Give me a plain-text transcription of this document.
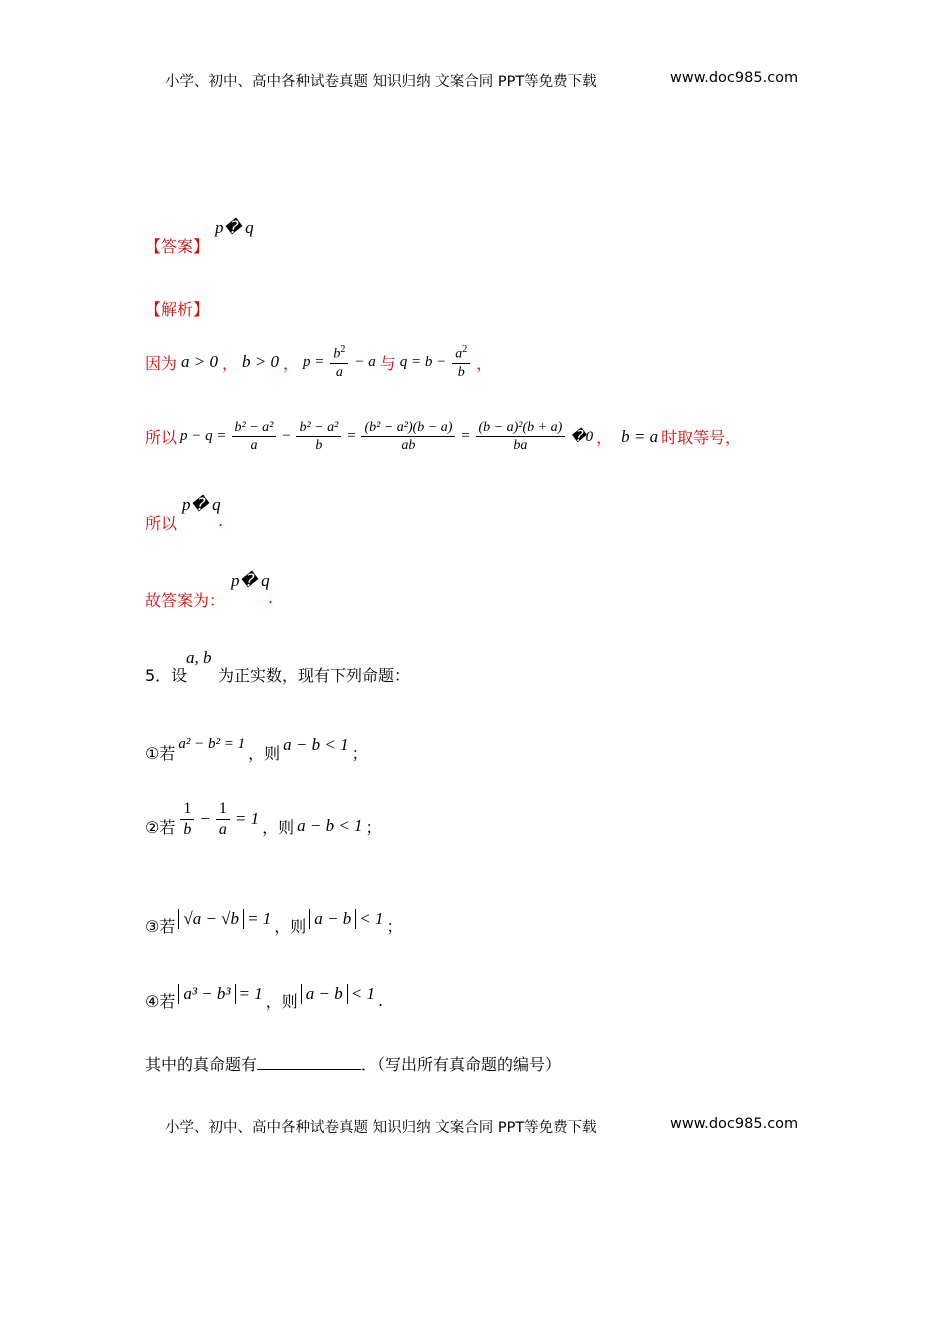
小学、初中、高中各种试卷真题 知识归纳 文案合同 PPT等免费下载	www.doc985.com
【答案】
p� q
【解析】
因为 a > 0 ， b > 0 ， $p = \frac{b^2}{a} - a$ 与 $q = b - \frac{a^2}{b}$ ，
所以 $p - q = \frac{\text{b² − a²}}{a} - \frac{\text{b² − a²}}{b} = \frac{\text{(b² − a²)(b − a)}}{ab} = \frac{\text{(b − a)²(b + a)}}{ba}$ �0 ， b = a 时取等号，
所以
p� q
.
故答案为：
p� q
.
5．设
a, b
为正实数，现有下列命题：
①若 a² − b² = 1 ，则 a − b < 1 ；
②若 $\frac{1}{b} - \frac{1}{a} = 1$ ，则 a − b < 1 ；
③若 √a − √b = 1 ，则 a − b < 1 ；
④若 a³ − b³ = 1 ，则 a − b < 1 .
其中的真命题有	．（写出所有真命题的编号）
小学、初中、高中各种试卷真题 知识归纳 文案合同 PPT等免费下载	www.doc985.com
